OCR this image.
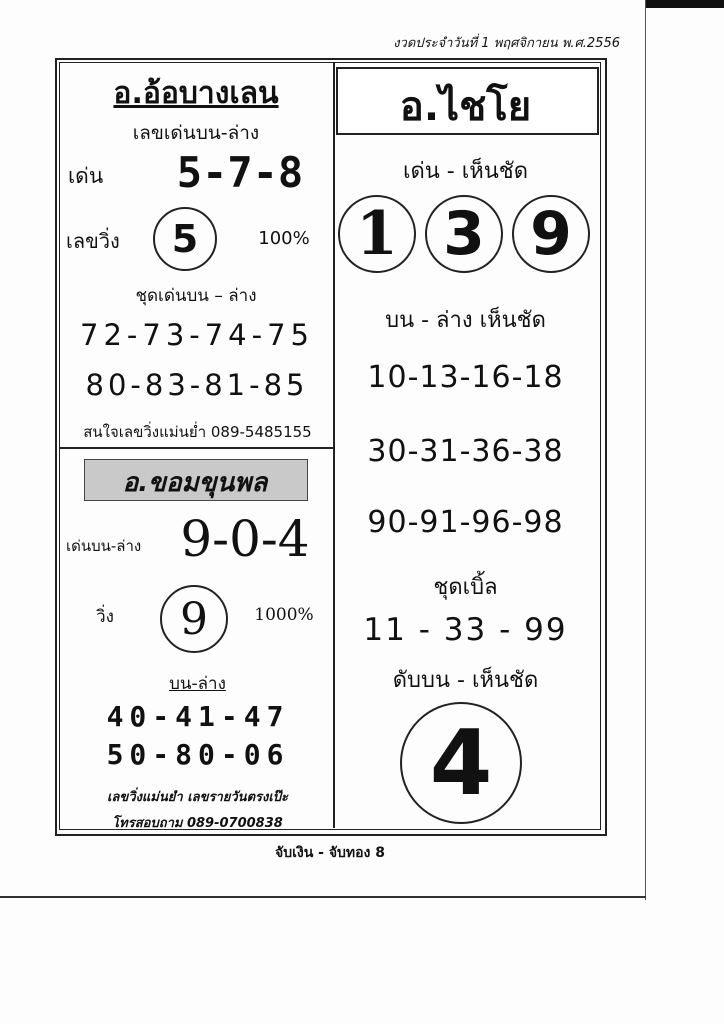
งวดประจำวันที่ 1 พฤศจิกายน พ.ศ.2556
อ.อ้อบางเลน
เลขเด่นบน-ล่าง
เด่น	5-7-8
เลขวิ่ง	5	100%
ชุดเด่นบน – ล่าง
72-73-74-75
80-83-81-85
สนใจเลขวิ่งแม่นย่ำ 089-5485155
อ.ขอมขุนพล
เด่นบน-ล่าง 9-0-4
วิ่ง	9	1000%
บน-ล่าง
40-41-47
50-80-06
เลขวิ่งแม่นยำ เลขรายวันตรงเป๊ะ
โทรสอบถาม 089-0700838
อ.ไชโย
เด่น - เห็นชัด
1 3 9
บน - ล่าง เห็นชัด
10-13-16-18
30-31-36-38
90-91-96-98
ชุดเบิ้ล
11 - 33 - 99
ดับบน - เห็นชัด
4
จับเงิน - จับทอง 8
